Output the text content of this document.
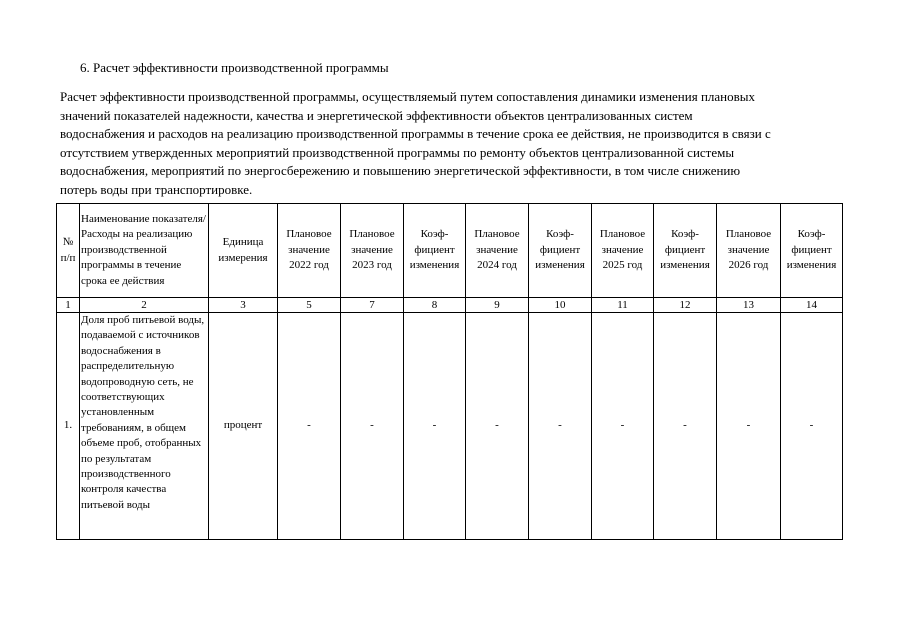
6. Расчет эффективности производственной программы
Расчет эффективности производственной программы, осуществляемый путем сопоставления динамики изменения плановых
значений показателей надежности, качества и энергетической эффективности объектов централизованных систем
водоснабжения и расходов на реализацию производственной программы в течение срока ее действия, не производится в связи с
отсутствием утвержденных мероприятий производственной программы по ремонту объектов централизованной системы
водоснабжения, мероприятий по энергосбережению и повышению энергетической эффективности, в том числе снижению
потерь воды при транспортировке.
№ п/п	Наименование показателя/Расходы на реализацию производственной программы в течение срока ее действия	Единица измерения	Плановое значение 2022 год	Плановое значение 2023 год	Коэф-фициент изменения	Плановое значение 2024 год	Коэф-фициент изменения	Плановое значение 2025 год	Коэф-фициент изменения	Плановое значение 2026 год	Коэф-фициент изменения
1	2	3	5	7	8	9	10	11	12	13	14
1.	Доля проб питьевой воды, подаваемой с источников водоснабжения в распределительную водопроводную сеть, не соответствующих установленным требованиям, в общем объеме проб, отобранных по результатам производственного контроля качества питьевой воды	процент	-	-	-	-	-	-	-	-	-
